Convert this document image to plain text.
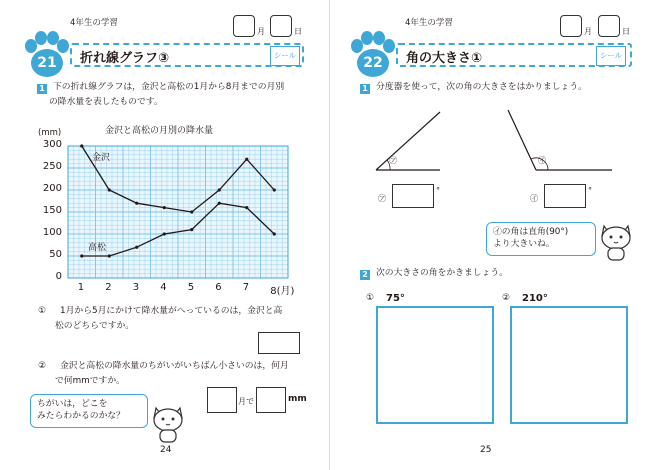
4年生の学習
月	日
21	折れ線グラフ③	シール
1 下の折れ線グラフは，金沢と高松の1月から8月までの月別
の降水量を表したものです。
金沢と高松の月別の降水量
(mm)
金沢
高松
0
50
100
150
200
250
300
1 2 3 4 5 6 7 8(月)
① 1月から5月にかけて降水量がへっているのは，金沢と高
松のどちらですか。
② 金沢と高松の降水量のちがいがいちばん小さいのは，何月
で何mmですか。
ちがいは，どこを
みたらわかるのかな？
月で	mm
24
4年生の学習
月	日
22	角の大きさ①	シール
1 分度器を使って，次の角の大きさをはかりましょう。
㋐	㋑
㋐
°
㋑
°
㋑の角は直角(90°)
より大きいね。
2 次の大きさの角をかきましょう。
① 75°	② 210°
25
